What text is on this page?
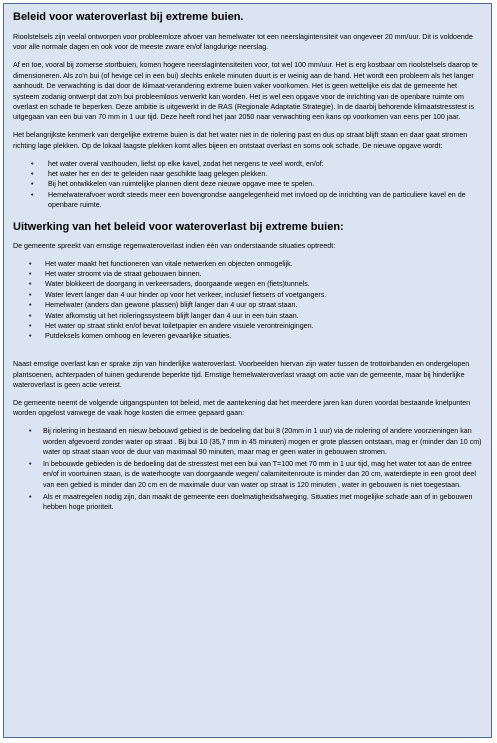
Beleid voor wateroverlast bij extreme buien.
Rioolstelsels zijn veelal ontworpen voor probleemloze afvoer van hemelwater tot een neerslagintensiteit van ongeveer 20 mm/uur. Dit is voldoende voor alle normale dagen en ook voor de meeste zware en/of langdurige neerslag.
Af en toe, vooral bij zomerse stortbuien, komen hogere neerslagintensiteiten voor, tot wel 100 mm/uur. Het is erg kostbaar om rioolstelsels daarop te dimensioneren. Als zo'n bui (of hevige cel in een bui) slechts enkele minuten duurt is er weinig aan de hand. Het wordt een probleem als het langer aanhoudt. De verwachting is dat door de klimaat-verandering extreme buien vaker voorkomen. Het is geen wettelijke eis dat de gemeente het systeem zodanig ontwerpt dat zo'n bui probleemloos verwerkt kan worden. Het is wel een opgave voor de inrichting van de openbare ruimte om overlast en schade te beperken. Deze ambitie is uitgewerkt in de RAS (Regionale Adaptatie Strategie). In de daarbij behorende klimaatstresstest is uitgegaan van een bui van 70 mm in 1 uur tijd. Deze heeft rond het jaar 2050 naar verwachting een kans op voorkomen van eens per 100 jaar.
Het belangrijkste kenmerk van dergelijke extreme buien is dat het water niet in de riolering past en dus op straat blijft staan en daar gaat stromen richting lage plekken. Op de lokaal laagste plekken komt alles bijeen en ontstaat overlast en soms ook schade. De nieuwe opgave wordt:
• het water overal vasthouden, liefst op elke kavel, zodat het nergens te veel wordt, en/of:
• het water her en der te geleiden naar geschikte laag gelegen plekken.
• Bij het ontwikkelen van ruimtelijke plannen dient deze nieuwe opgave mee te spelen.
• Hemelwaterafvoer wordt steeds meer een bovengrondse aangelegenheid met invloed op de inrichting van de particuliere kavel en de openbare ruimte.
Uitwerking van het beleid voor wateroverlast bij extreme buien:
De gemeente spreekt van ernstige regenwateroverlast indien één van onderstaande situaties optreedt:
• Het water maakt het functioneren van vitale netwerken en objecten onmogelijk.
• Het water stroomt via de straat gebouwen binnen.
• Water blokkeert de doorgang in verkeersaders, doorgaande wegen en (fiets)tunnels.
• Water levert langer dan 4 uur hinder op voor het verkeer, inclusief fietsers of voetgangers.
• Hemelwater (anders dan gewone plassen) blijft langer dan 4 uur op straat staan.
• Water afkomstig uit het rioleringssysteem blijft langer dan 4 uur in een tuin staan.
• Het water op straat stinkt en/of bevat toiletpapier en andere visuele verontreinigingen.
• Putdeksels komen omhoog en leveren gevaarlijke situaties.
Naast ernstige overlast kan er sprake zijn van hinderlijke wateroverlast. Voorbeelden hiervan zijn water tussen de trottoirbanden en ondergelopen plantsoenen, achterpaden of tuinen gedurende beperkte tijd. Ernstige hemelwateroverlast vraagt om actie van de gemeente, maar bij hinderlijke wateroverlast is geen actie vereist.
De gemeente neemt de volgende uitgangspunten tot beleid, met de aantekening dat het meerdere jaren kan duren voordat bestaande knelpunten worden opgelost vanwege de vaak hoge kosten die ermee gepaard gaan:
• Bij riolering in bestaand en nieuw bebouwd gebied is de bedoeling dat bui 8 (20mm in 1 uur) via de riolering of andere voorzieningen kan worden afgevoerd zonder water op straat . Bij bui 10 (35,7 mm in 45 minuten) mogen er grote plassen ontstaan, mag er (minder dan 10 cm) water op straat staan voor de duur van maximaal 90 minuten, maar mag er geen water in gebouwen stromen.
• In bebouwde gebieden is de bedoeling dat de stresstest met een bui van T=100 met 70 mm in 1 uur tijd, mag het water tot aan de entree en/of in voortuinen staan, is de waterhoogte van doorgaande wegen/ calamiteitenroute is minder dan 20 cm, waterdiepte in een groot deel van een gebied is minder dan 20 cm en de maximale duur van water op straat is 120 minuten , water in gebouwen is niet toegestaan.
• Als er maatregelen nodig zijn, dan maakt de gemeente een doelmatigheidsafweging. Situaties met mogelijke schade aan of in gebouwen hebben hoge prioriteit.
